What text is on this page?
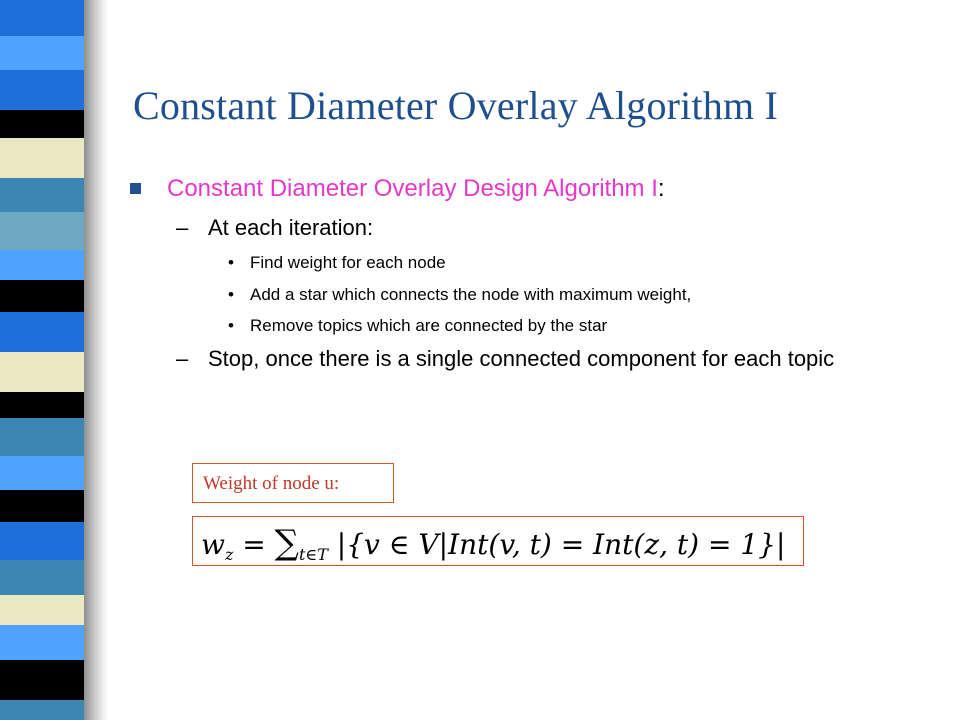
Constant Diameter Overlay Algorithm I
Constant Diameter Overlay Design Algorithm I:
– At each iteration:
• Find weight for each node
• Add a star which connects the node with maximum weight,
• Remove topics which are connected by the star
– Stop, once there is a single connected component for each topic
Weight of node u:
$w_z = \sum_{t\in T}$ |{v ∈ V|Int(v, t) = Int(z, t) = 1}|
